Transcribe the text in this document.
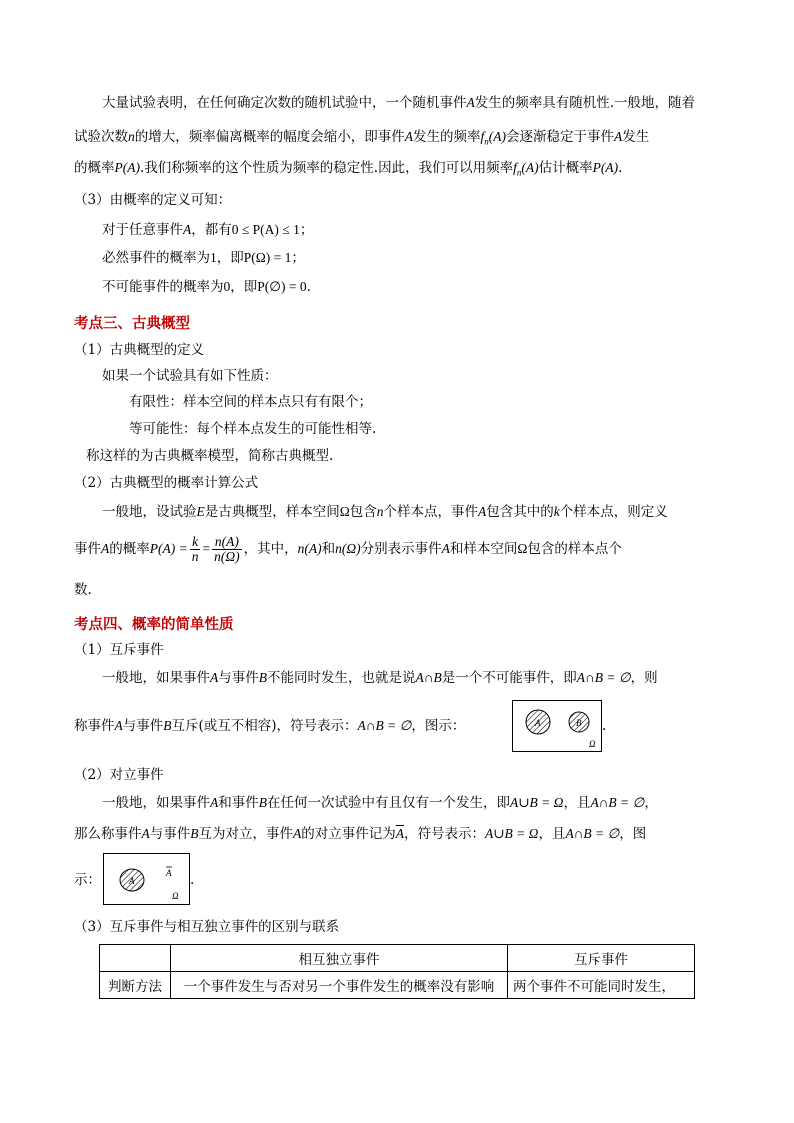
大量试验表明，在任何确定次数的随机试验中，一个随机事件A发生的频率具有随机性.一般地，随着
试验次数n的增大，频率偏离概率的幅度会缩小，即事件A发生的频率$f_n(A)$会逐渐稳定于事件A发生
的概率P(A).我们称频率的这个性质为频率的稳定性.因此，我们可以用频率$f_n(A)$估计概率P(A).
（3）由概率的定义可知：
对于任意事件A，都有0 ≤ P(A) ≤ 1；
必然事件的概率为1，即P(Ω) = 1；
不可能事件的概率为0，即P(∅) = 0.
考点三、古典概型
（1）古典概型的定义
如果一个试验具有如下性质：
有限性：样本空间的样本点只有有限个；
等可能性：每个样本点发生的可能性相等.
称这样的为古典概率模型，简称古典概型.
（2）古典概型的概率计算公式
一般地，设试验E是古典概型，样本空间Ω包含n个样本点，事件A包含其中的k个样本点，则定义
事件A的概率$P(A) = \frac{k}{n} = \frac{n(A)}{n(\Omega)}$ ，其中，n(A)和n(Ω)分别表示事件A和样本空间Ω包含的样本点个
数.
考点四、概率的简单性质
（1）互斥事件
一般地，如果事件A与事件B不能同时发生，也就是说A∩B是一个不可能事件，即A∩B = ∅，则
称事件A与事件B互斥(或互不相容)，符号表示：A∩B = ∅，图示：	A	B
Ω
.
（2）对立事件
一般地，如果事件A和事件B在任何一次试验中有且仅有一个发生，即A∪B = Ω，且A∩B = ∅，
那么称事件A与事件B互为对立，事件A的对立事件记为$\overline{A}$，符号表示：A∪B = Ω，且A∩B = ∅，图
示：	A
A
Ω
.
（3）互斥事件与相互独立事件的区别与联系
	相互独立事件	互斥事件
判断方法	一个事件发生与否对另一个事件发生的概率没有影响	两个事件不可能同时发生，
